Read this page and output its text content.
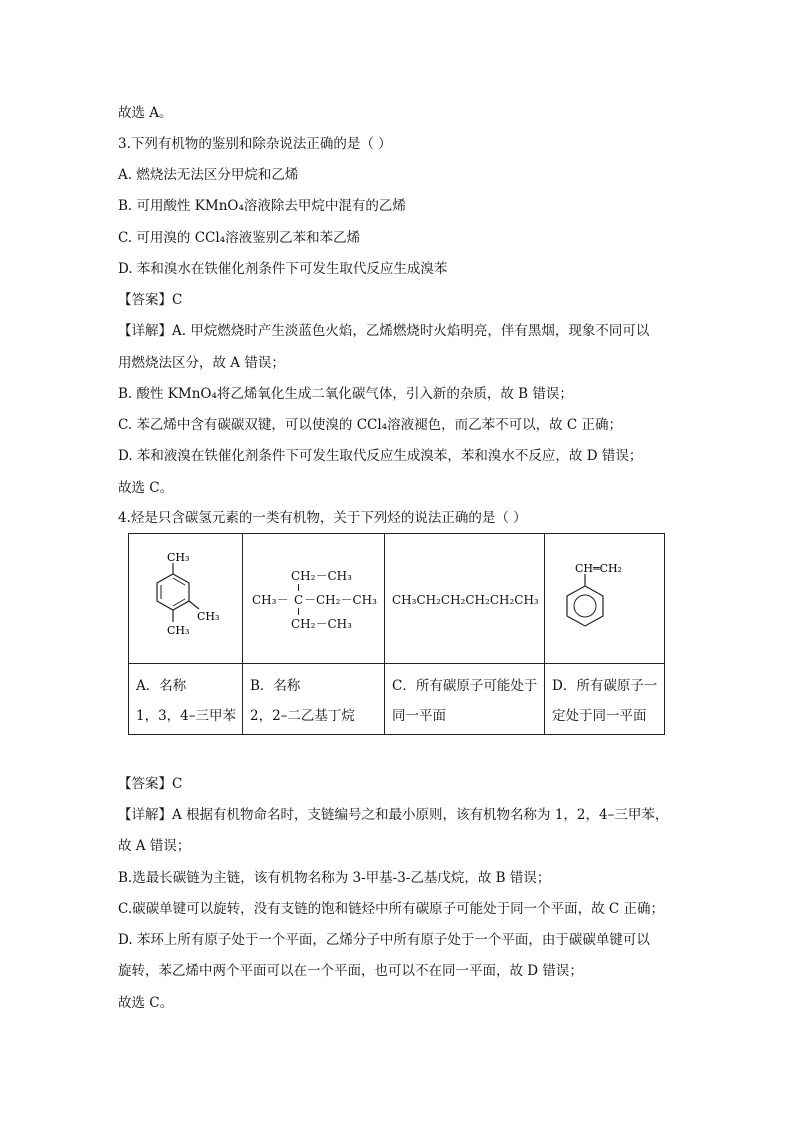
故选 A。
3.下列有机物的鉴别和除杂说法正确的是（ ）
A. 燃烧法无法区分甲烷和乙烯
B. 可用酸性 KMnO₄溶液除去甲烷中混有的乙烯
C. 可用溴的 CCl₄溶液鉴别乙苯和苯乙烯
D. 苯和溴水在铁催化剂条件下可发生取代反应生成溴苯
【答案】C
【详解】A. 甲烷燃烧时产生淡蓝色火焰，乙烯燃烧时火焰明亮，伴有黑烟，现象不同可以
用燃烧法区分，故 A 错误；
B. 酸性 KMnO₄将乙烯氧化生成二氧化碳气体，引入新的杂质，故 B 错误；
C. 苯乙烯中含有碳碳双键，可以使溴的 CCl₄溶液褪色，而乙苯不可以，故 C 正确；
D. 苯和液溴在铁催化剂条件下可发生取代反应生成溴苯，苯和溴水不反应，故 D 错误；
故选 C。
4.烃是只含碳氢元素的一类有机物，关于下列烃的说法正确的是（ ）
CH₃
CH₃
CH₃
CH₂－CH₃
CH₃－ C －CH₂－CH₃
CH₂－CH₃
CH₃CH₂CH₂CH₂CH₂CH₃
CH═CH₂
A．名称
1，3，4–三甲苯
B．名称
2，2–二乙基丁烷
C．所有碳原子可能处于
同一平面
D．所有碳原子一
定处于同一平面
【答案】C
【详解】A 根据有机物命名时，支链编号之和最小原则，该有机物名称为 1，2，4–三甲苯，
故 A 错误；
B.选最长碳链为主链，该有机物名称为 3-甲基-3-乙基戊烷，故 B 错误；
C.碳碳单键可以旋转，没有支链的饱和链烃中所有碳原子可能处于同一个平面，故 C 正确；
D. 苯环上所有原子处于一个平面，乙烯分子中所有原子处于一个平面，由于碳碳单键可以
旋转，苯乙烯中两个平面可以在一个平面，也可以不在同一平面，故 D 错误；
故选 C。
